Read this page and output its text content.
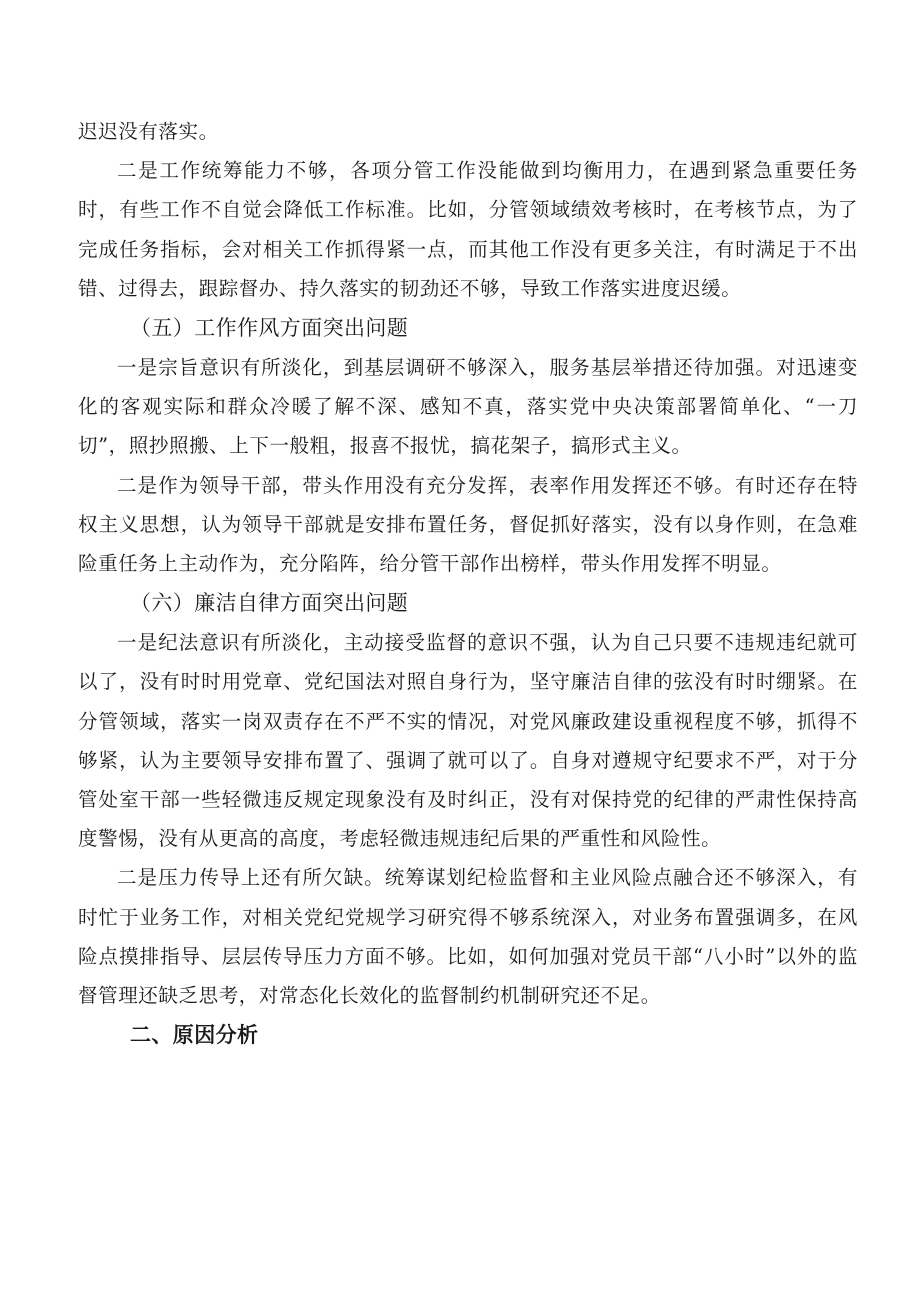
迟迟没有落实。

二是工作统筹能力不够，各项分管工作没能做到均衡用力，在遇到紧急重要任务时，有些工作不自觉会降低工作标准。比如，分管领域绩效考核时，在考核节点，为了完成任务指标，会对相关工作抓得紧一点，而其他工作没有更多关注，有时满足于不出错、过得去，跟踪督办、持久落实的韧劲还不够，导致工作落实进度迟缓。

（五）工作作风方面突出问题

一是宗旨意识有所淡化，到基层调研不够深入，服务基层举措还待加强。对迅速变化的客观实际和群众冷暖了解不深、感知不真，落实党中央决策部署简单化、“一刀切”，照抄照搬、上下一般粗，报喜不报忧，搞花架子，搞形式主义。

二是作为领导干部，带头作用没有充分发挥，表率作用发挥还不够。有时还存在特权主义思想，认为领导干部就是安排布置任务，督促抓好落实，没有以身作则，在急难险重任务上主动作为，充分陷阵，给分管干部作出榜样，带头作用发挥不明显。

（六）廉洁自律方面突出问题

一是纪法意识有所淡化，主动接受监督的意识不强，认为自己只要不违规违纪就可以了，没有时时用党章、党纪国法对照自身行为，坚守廉洁自律的弦没有时时绷紧。在分管领域，落实一岗双责存在不严不实的情况，对党风廉政建设重视程度不够，抓得不够紧，认为主要领导安排布置了、强调了就可以了。自身对遵规守纪要求不严，对于分管处室干部一些轻微违反规定现象没有及时纠正，没有对保持党的纪律的严肃性保持高度警惕，没有从更高的高度，考虑轻微违规违纪后果的严重性和风险性。

二是压力传导上还有所欠缺。统筹谋划纪检监督和主业风险点融合还不够深入，有时忙于业务工作，对相关党纪党规学习研究得不够系统深入，对业务布置强调多，在风险点摸排指导、层层传导压力方面不够。比如，如何加强对党员干部“八小时”以外的监督管理还缺乏思考，对常态化长效化的监督制约机制研究还不足。

二、原因分析
